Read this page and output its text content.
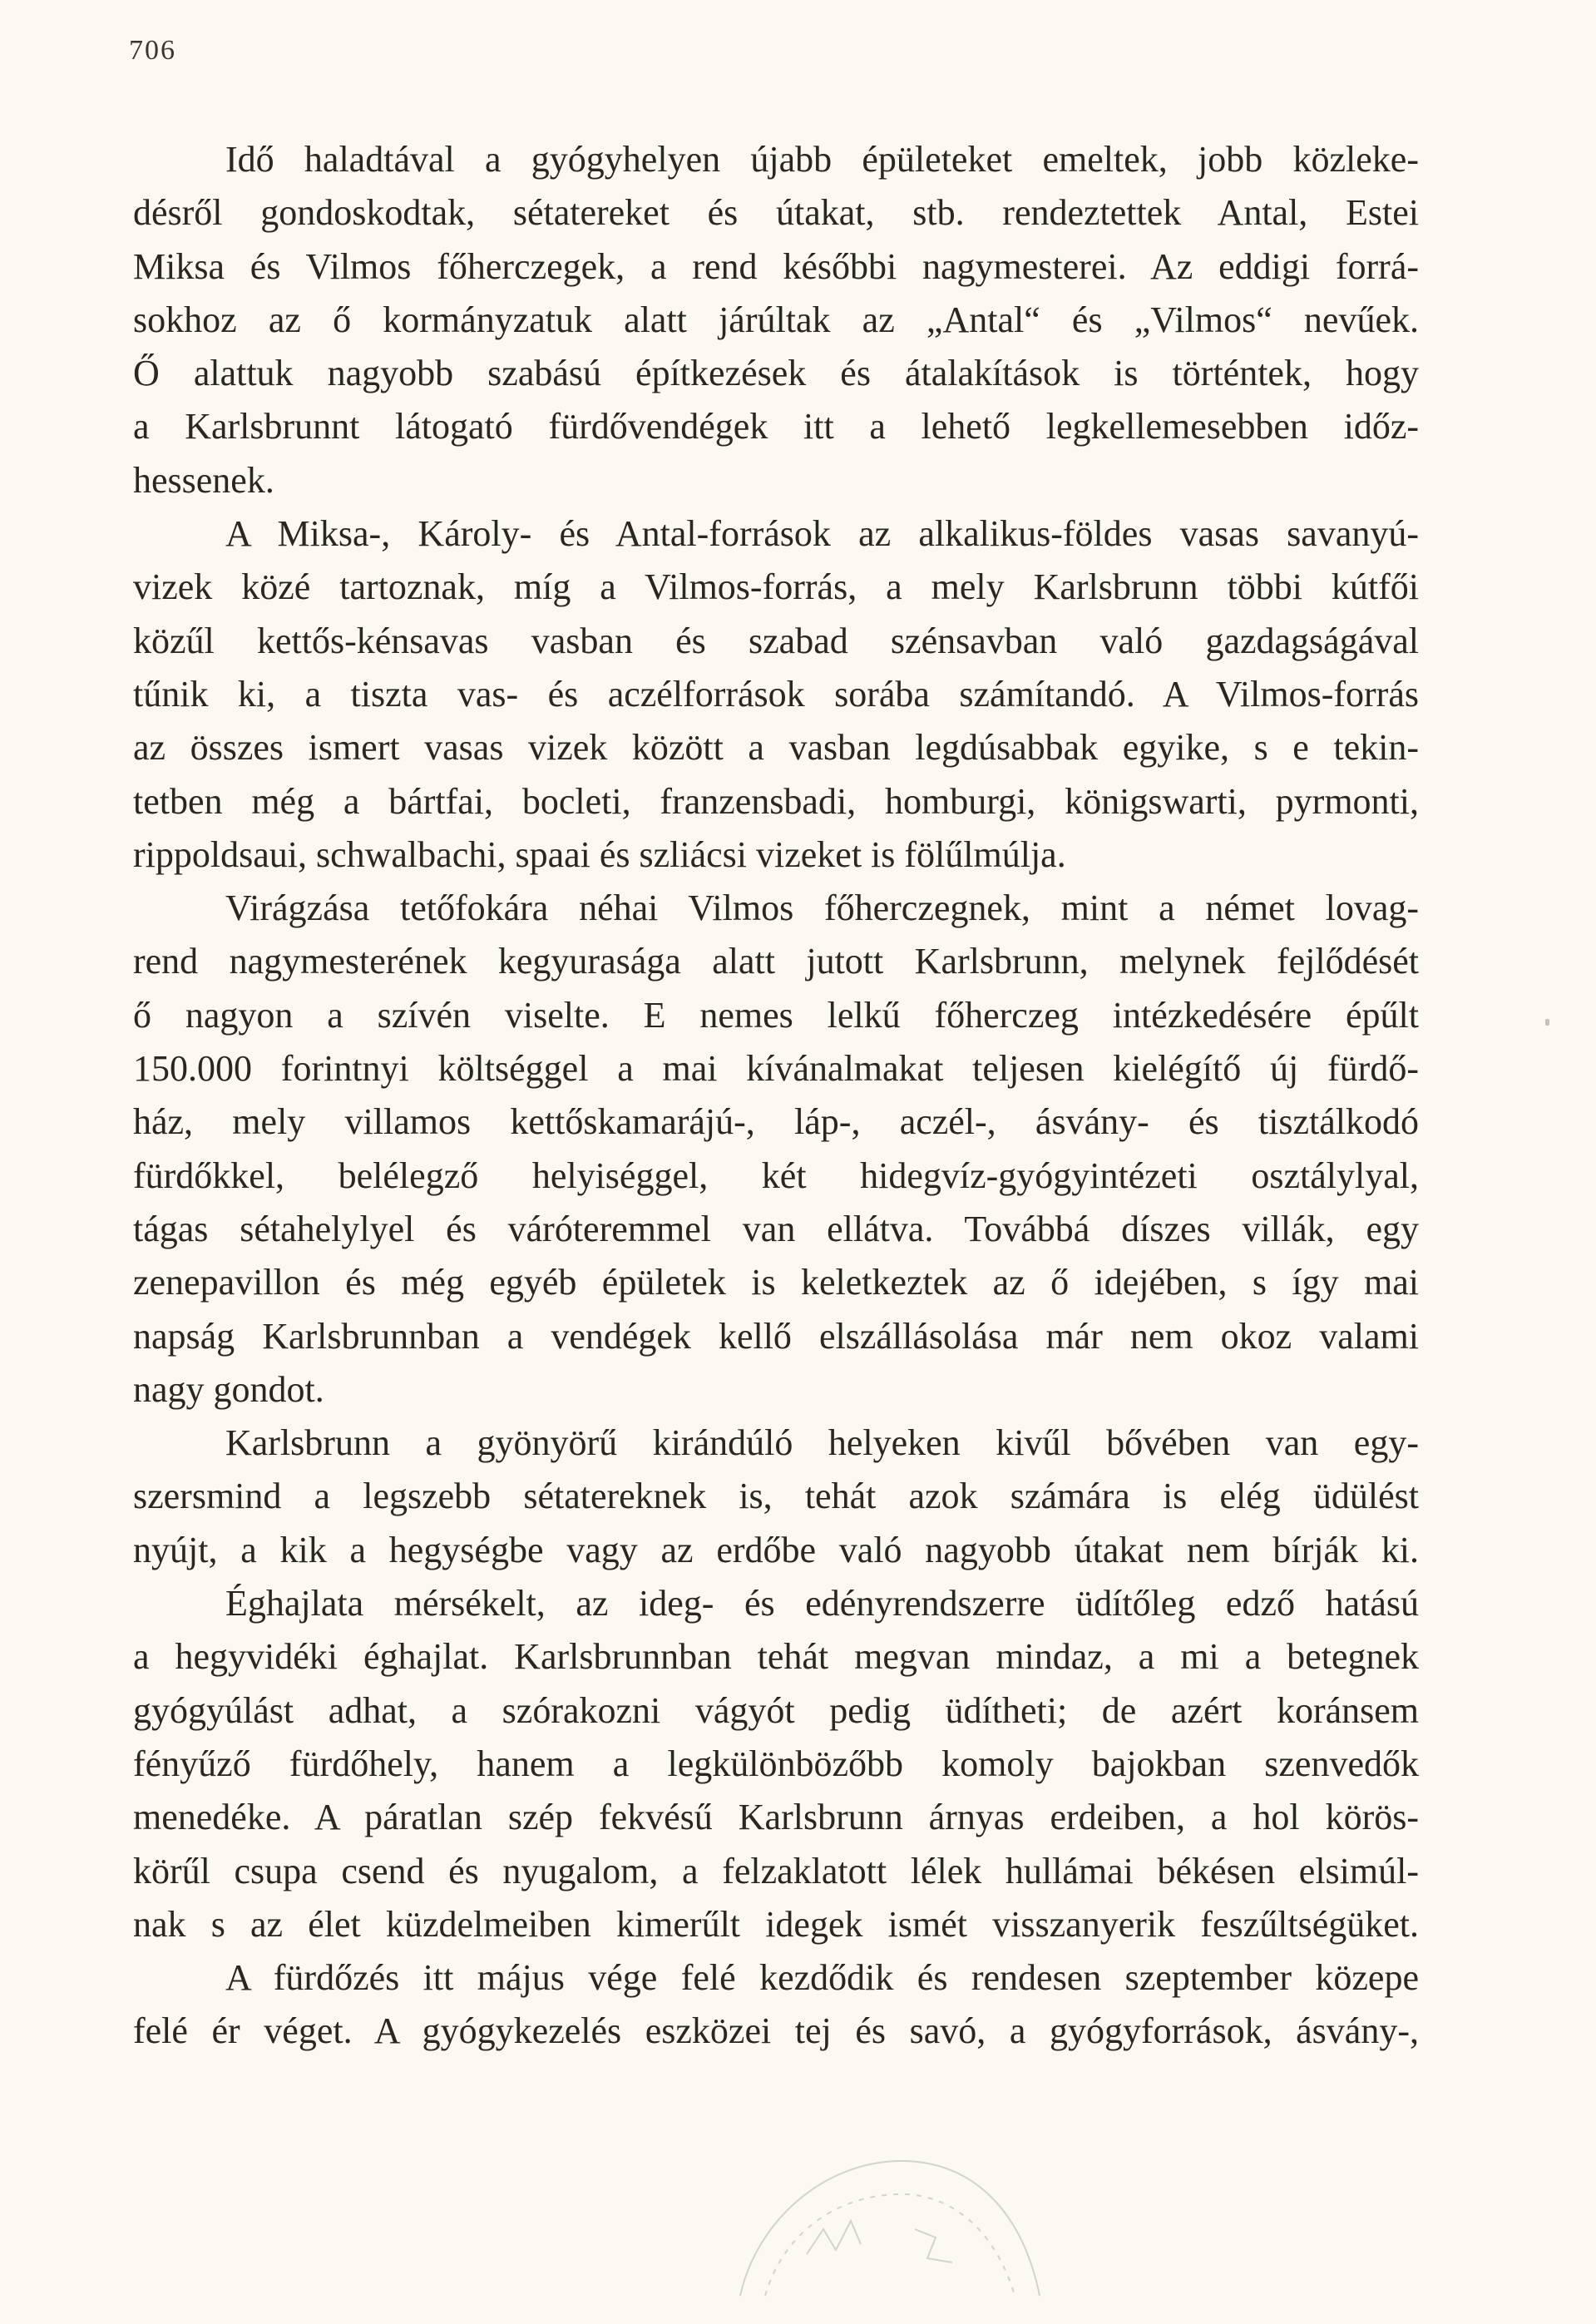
706
Idő haladtával a gyógyhelyen újabb épületeket emeltek, jobb közleke-
désről gondoskodtak, sétatereket és útakat, stb. rendeztettek Antal, Estei
Miksa és Vilmos főherczegek, a rend későbbi nagymesterei. Az eddigi forrá-
sokhoz az ő kormányzatuk alatt járúltak az „Antal“ és „Vilmos“ nevűek.
Ő alattuk nagyobb szabású építkezések és átalakítások is történtek, hogy
a Karlsbrunnt látogató fürdővendégek itt a lehető legkellemesebben időz-
hessenek.
A Miksa-, Károly- és Antal-források az alkalikus-földes vasas savanyú-
vizek közé tartoznak, míg a Vilmos-forrás, a mely Karlsbrunn többi kútfői
közűl kettős-kénsavas vasban és szabad szénsavban való gazdagságával
tűnik ki, a tiszta vas- és aczélforrások sorába számítandó. A Vilmos-forrás
az összes ismert vasas vizek között a vasban legdúsabbak egyike, s e tekin-
tetben még a bártfai, bocleti, franzensbadi, homburgi, königswarti, pyrmonti,
rippoldsaui, schwalbachi, spaai és szliácsi vizeket is fölűlmúlja.
Virágzása tetőfokára néhai Vilmos főherczegnek, mint a német lovag-
rend nagymesterének kegyurasága alatt jutott Karlsbrunn, melynek fejlődését
ő nagyon a szívén viselte. E nemes lelkű főherczeg intézkedésére épűlt
150.000 forintnyi költséggel a mai kívánalmakat teljesen kielégítő új fürdő-
ház, mely villamos kettőskamarájú-, láp-, aczél-, ásvány- és tisztálkodó
fürdőkkel, belélegző helyiséggel, két hidegvíz-gyógyintézeti osztálylyal,
tágas sétahelylyel és váróteremmel van ellátva. Továbbá díszes villák, egy
zenepavillon és még egyéb épületek is keletkeztek az ő idejében, s így mai
napság Karlsbrunnban a vendégek kellő elszállásolása már nem okoz valami
nagy gondot.
Karlsbrunn a gyönyörű kirándúló helyeken kivűl bővében van egy-
szersmind a legszebb sétatereknek is, tehát azok számára is elég üdülést
nyújt, a kik a hegységbe vagy az erdőbe való nagyobb útakat nem bírják ki.
Éghajlata mérsékelt, az ideg- és edényrendszerre üdítőleg edző hatású
a hegyvidéki éghajlat. Karlsbrunnban tehát megvan mindaz, a mi a betegnek
gyógyúlást adhat, a szórakozni vágyót pedig üdítheti; de azért koránsem
fényűző fürdőhely, hanem a legkülönbözőbb komoly bajokban szenvedők
menedéke. A páratlan szép fekvésű Karlsbrunn árnyas erdeiben, a hol körös-
körűl csupa csend és nyugalom, a felzaklatott lélek hullámai békésen elsimúl-
nak s az élet küzdelmeiben kimerűlt idegek ismét visszanyerik feszűltségüket.
A fürdőzés itt május vége felé kezdődik és rendesen szeptember közepe
felé ér véget. A gyógykezelés eszközei tej és savó, a gyógyforrások, ásvány-,
